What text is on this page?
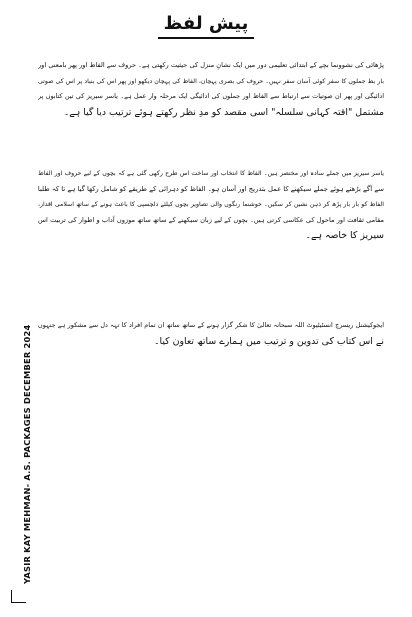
پیش لفظ
پڑھائی کی نشوونما بچے کے ابتدائی تعلیمی دور میں ایک نشانِ منزل کی حیثیت رکھتی ہے۔ حروف سے الفاظ اور پھر بامعنی اور
بار بط جملوں کا سفر کوئی آسان سفر نہیں۔ حروف کی بصری پہچان، الفاظ کی پہچان دیکھو اور پھر اس کی بنیاد پر اس کی صوتی
ادائیگی اور پھر ان صوتیات سے ارتباط سے الفاظ اور جملوں کی ادائیگی ایک مرحلہ وار عمل ہے۔ یاسر سیریز کی تین کتابوں پر
مشتمل "اقتہ کہانی سلسلہ" اسی مقصد کو مدِ نظر رکھتے ہوئے ترتیب دیا گیا ہے۔
یاسر سیریز میں جملے سادہ اور مختصر ہیں۔ الفاظ کا انتخاب اور ساخت اس طرح رکھی گئی ہے کہ بچوں کے لیے حروف اور الفاظ
سے آگے بڑھتے ہوئے جملے سیکھنے کا عمل بتدریج اور آسان ہو۔ الفاظ کو دہرائی کے طریقے کو شامل رکھا گیا ہے تا کہ طلبا
الفاظ کو بار بار پڑھ کر ذہن نشین کر سکیں۔ خوشنما رنگوں والی تصاویر بچوں کیلئے دلچسپی کا باعث ہونے کے ساتھ اسلامی اقدار،
مقامی ثقافت اور ماحول کی عکاسی کرتی ہیں۔ بچوں کے لیے زبان سیکھنے کے ساتھ ساتھ موزوں آداب و اطوار کی تربیت اس
سیریز کا خاصہ ہے۔
ایجوکیشنل ریسرچ انسٹیٹیوٹ اللہ سبحانہ تعالیٰ کا شکر گزار ہونے کے ساتھ ساتھ ان تمام افراد کا تہہ دل سے مشکور ہے جنہوں
نے اس کتاب کی تدوین و ترتیب میں ہمارے ساتھ تعاون کیا۔
YASIR KAY MEHMAN- A.S. PACKAGES DECEMBER 2024
